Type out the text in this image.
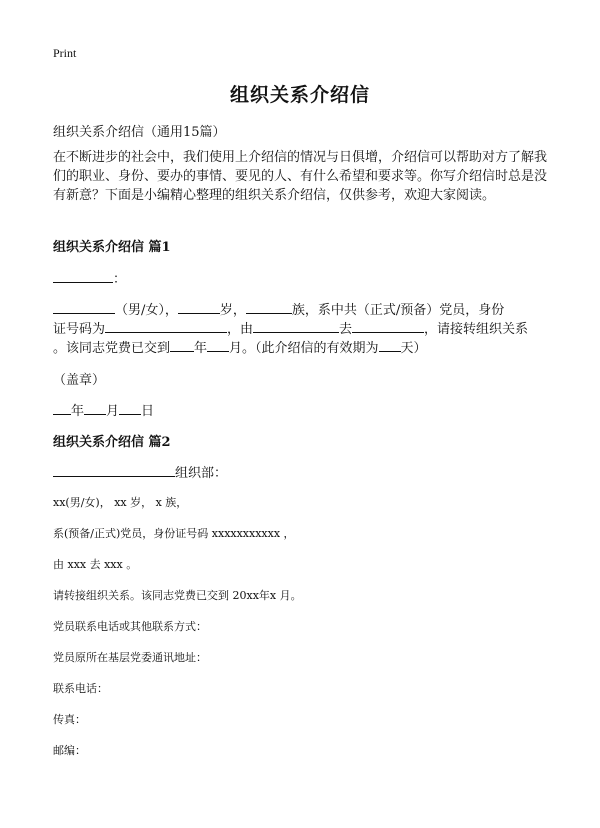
Print
组织关系介绍信
组织关系介绍信（通用15篇）
在不断进步的社会中，我们使用上介绍信的情况与日俱增，介绍信可以帮助对方了解我们的职业、身份、要办的事情、要见的人、有什么希望和要求等。你写介绍信时总是没有新意？下面是小编精心整理的组织关系介绍信，仅供参考，欢迎大家阅读。
组织关系介绍信 篇1
：
（男/女），	岁，	族，系中共（正式/预备）党员，身份
证号码为	，由	去	，请接转组织关系
。该同志党费已交到 年 月。（此介绍信的有效期为 天）
（盖章）
年 月 日
组织关系介绍信 篇2
组织部：
xx(男/女)， xx 岁， x 族，
系(预备/正式)党员，身份证号码 xxxxxxxxxxx ，
由 xxx 去 xxx 。
请转接组织关系。该同志党费已交到 20xx年x 月。
党员联系电话或其他联系方式：
党员原所在基层党委通讯地址：
联系电话：
传真：
邮编：
